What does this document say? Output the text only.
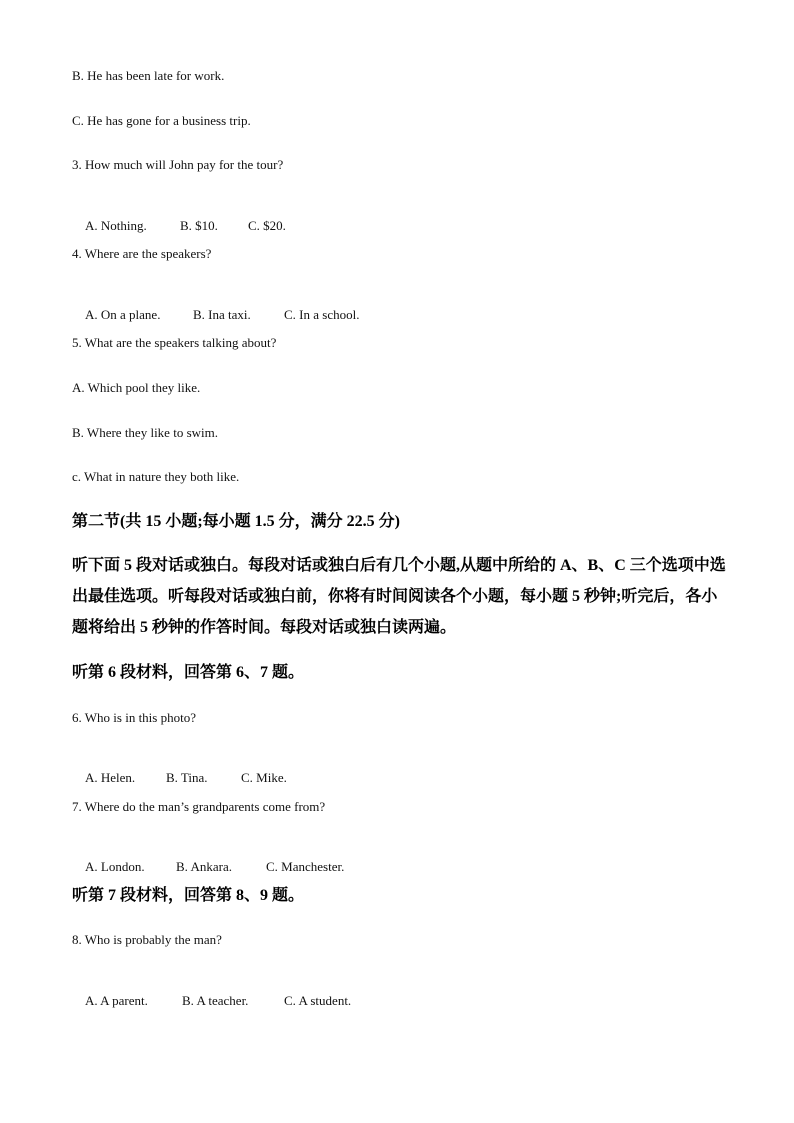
B. He has been late for work.
C. He has gone for a business trip.
3. How much will John pay for the tour?

A. Nothing.	B. $10. C. $20.

4. Where are the speakers?

A. On a plane.	B. Ina taxi.	C. In a school.

5. What are the speakers talking about?
A. Which pool they like.
B. Where they like to swim.
c. What in nature they both like.
第二节(共 15 小题;每小题 1.5 分，满分 22.5 分)
听下面 5 段对话或独白。每段对话或独白后有几个小题,从题中所给的 A、B、C 三个选项中选出最佳选项。听每段对话或独白前，你将有时间阅读各个小题，每小题 5 秒钟;听完后，各小题将给出 5 秒钟的作答时间。每段对话或独白读两遍。
听第 6 段材料，回答第 6、7 题。
6. Who is in this photo?

A. Helen. B. Tina.	C. Mike.

7. Where do the man’s grandparents come from?

A. London. B. Ankara.	C. Manchester.

听第 7 段材料，回答第 8、9 题。
8. Who is probably the man?

A. A parent.	B. A teacher.	C. A student.
